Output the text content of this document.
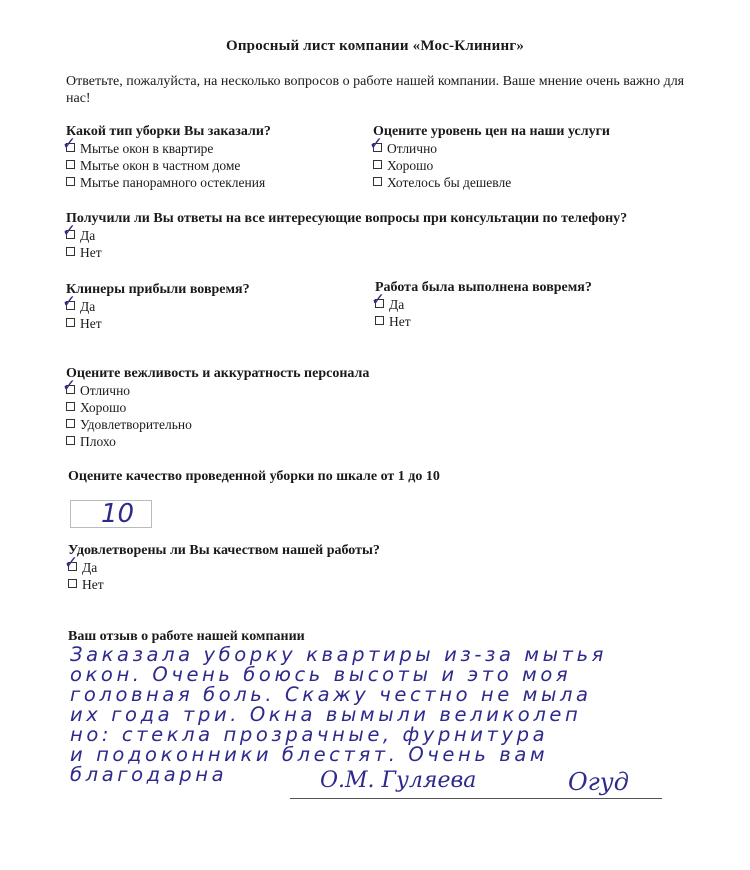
Опросный лист компании «Мос-Клининг»
Ответьте, пожалуйста, на несколько вопросов о работе нашей компании. Ваше мнение очень важно для нас!
Какой тип уборки Вы заказали?
✓ Мытье окон в квартире
Мытье окон в частном доме
Мытье панорамного остекления
Оцените уровень цен на наши услуги
✓ Отлично
Хорошо
Хотелось бы дешевле
Получили ли Вы ответы на все интересующие вопросы при консультации по телефону?
✓ Да
Нет
Клинеры прибыли вовремя?
✓ Да
Нет
Работа была выполнена вовремя?
✓ Да
Нет
Оцените вежливость и аккуратность персонала
✓ Отлично
Хорошо
Удовлетворительно
Плохо
Оцените качество проведенной уборки по шкале от 1 до 10
10
Удовлетворены ли Вы качеством нашей работы?
✓ Да
Нет
Ваш отзыв о работе нашей компании
Заказала уборку квартиры из-за мытья
окон. Очень боюсь высоты и это моя
головная боль. Скажу честно не мыла
их года три. Окна вымыли великолеп
но: стекла прозрачные, фурнитура
и подоконники блестят. Очень вам
благодарна	О.М. Гуляева	Огуд
